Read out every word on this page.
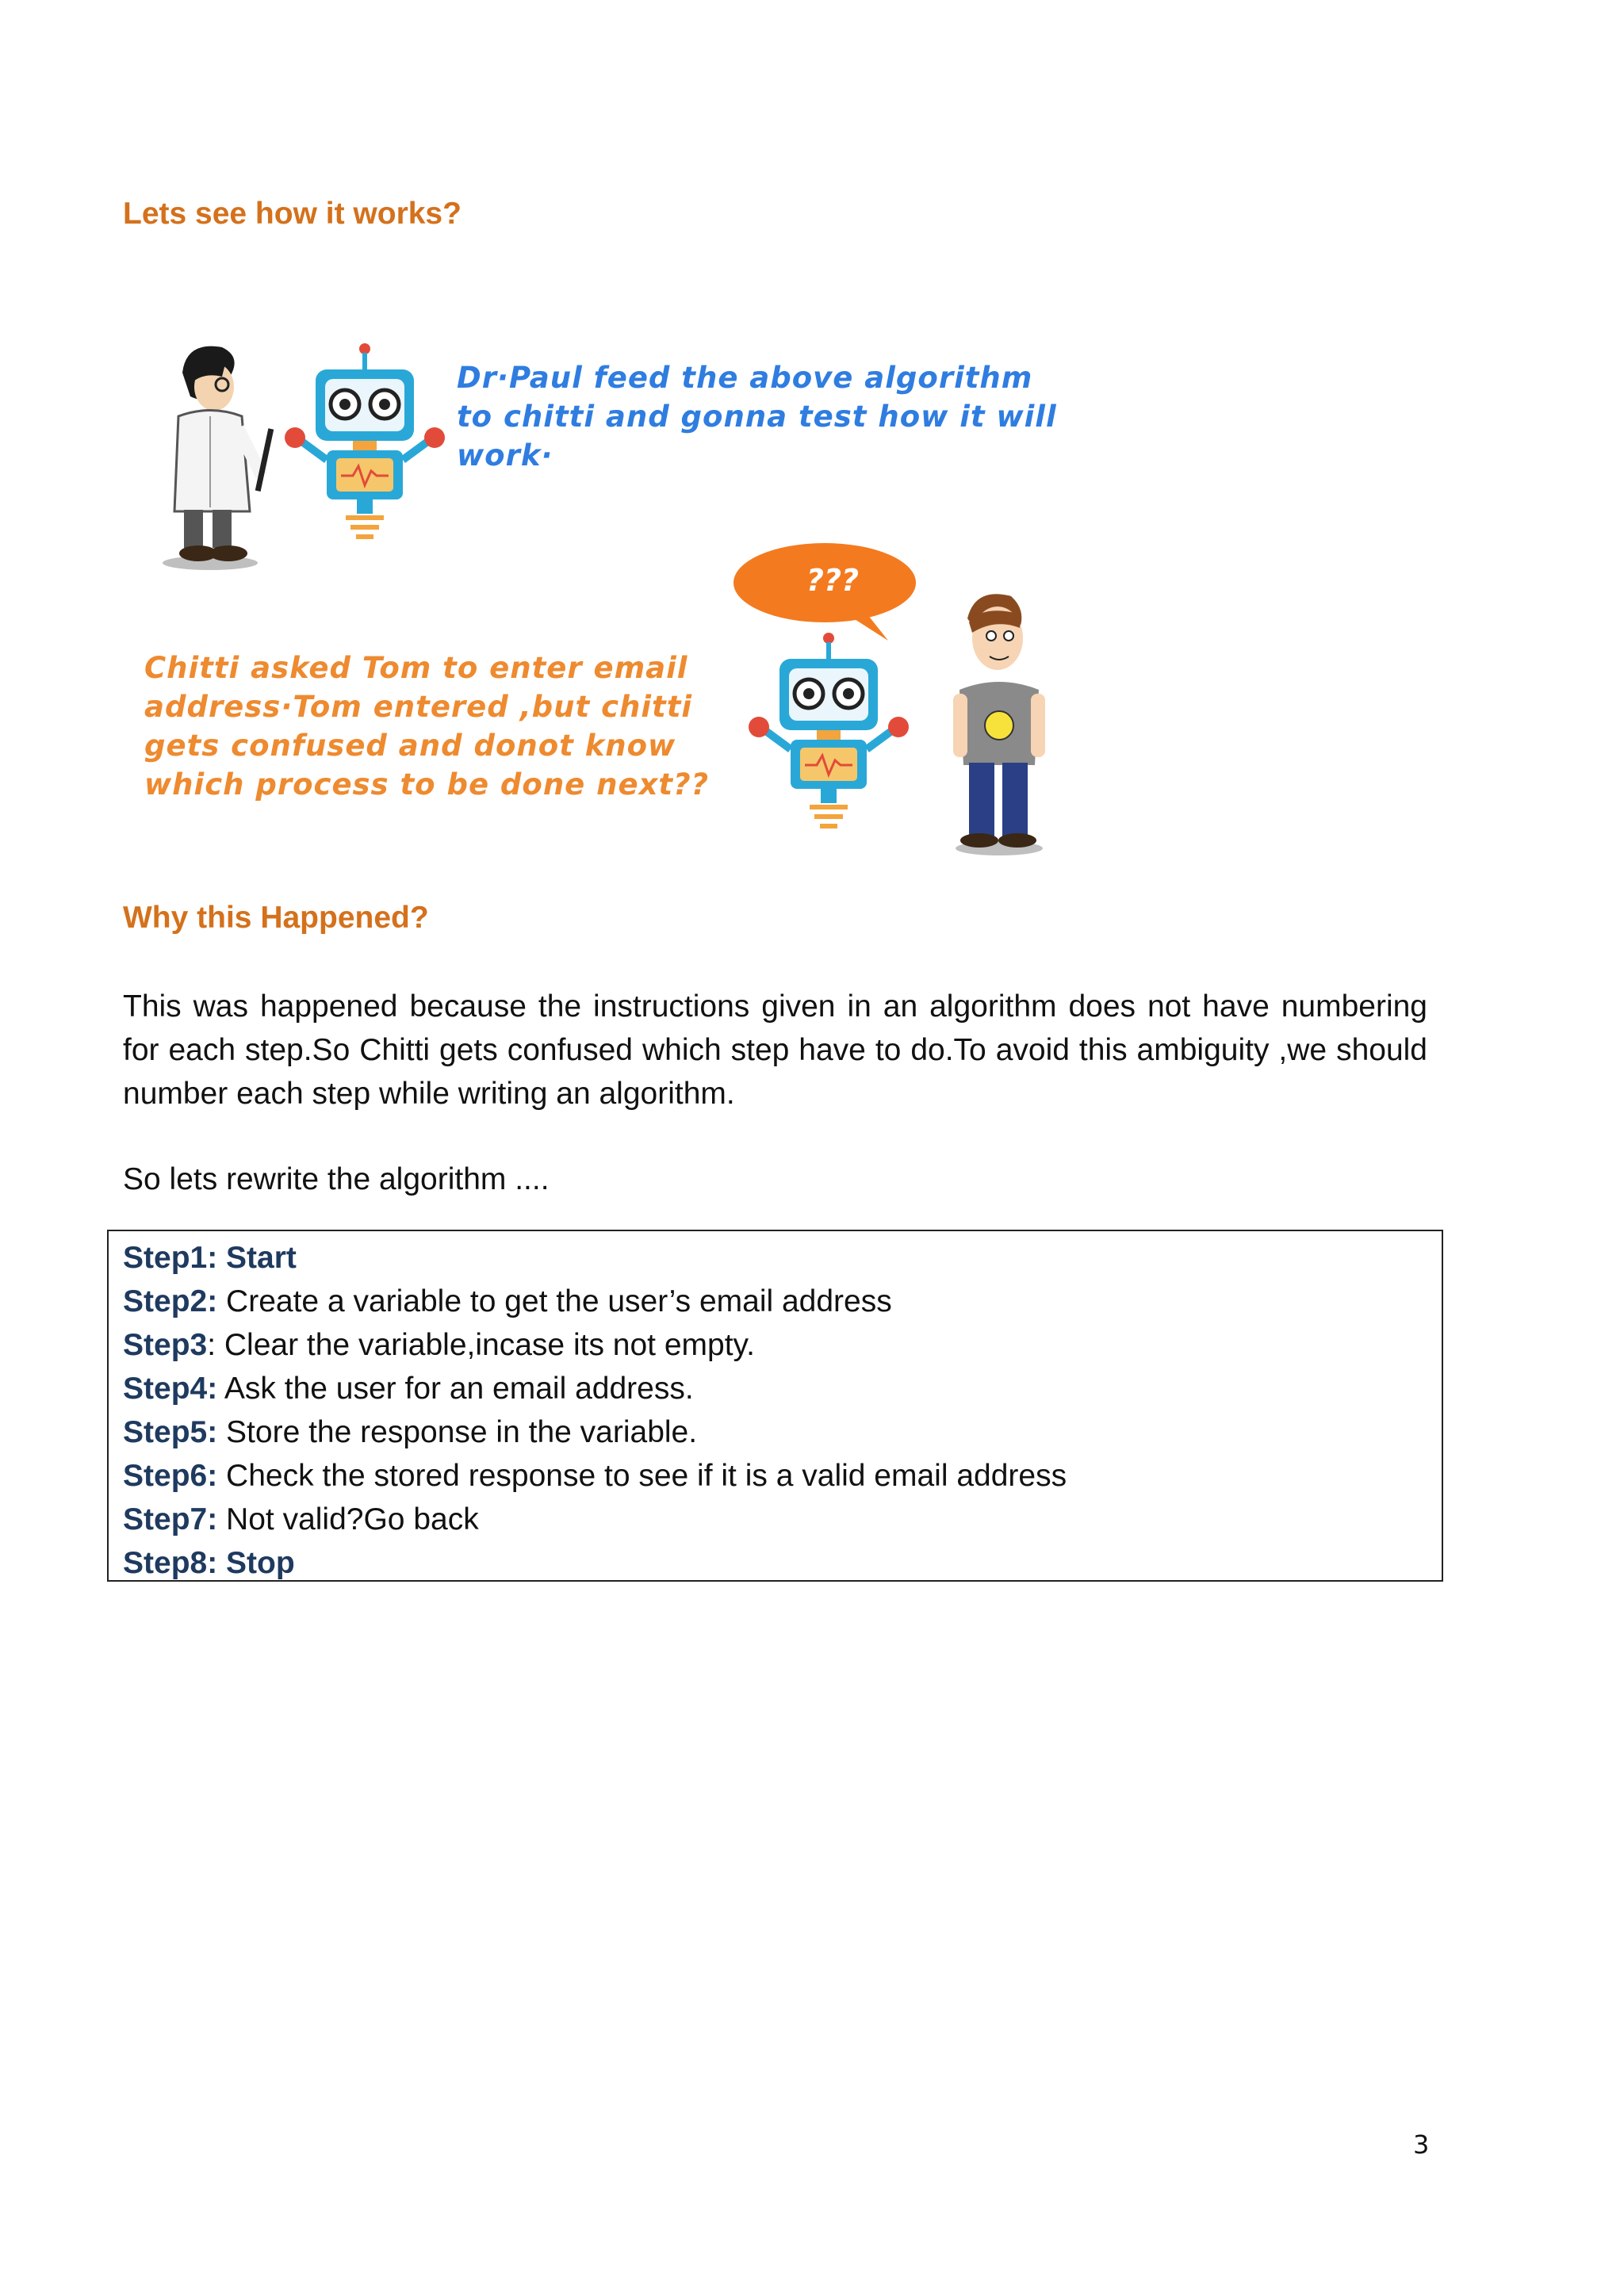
Lets see how it works?

Dr·Paul feed the above algorithm to chitti and gonna test how it will work·

???

Chitti asked Tom to enter email address·Tom entered ,but chitti gets confused and donot know which process to be done next??

Why this Happened?

This was happened because the instructions given in an algorithm does not have numbering for each step.So Chitti gets confused which step have to do.To avoid this ambiguity ,we should number each step while writing an algorithm.

So lets rewrite the algorithm ....

Step1: Start
Step2: Create a variable to get the user’s email address
Step3: Clear the variable,incase its not empty.
Step4: Ask the user for an email address.
Step5: Store the response in the variable.
Step6: Check the stored response to see if it is a valid email address
Step7: Not valid?Go back
Step8: Stop
3
